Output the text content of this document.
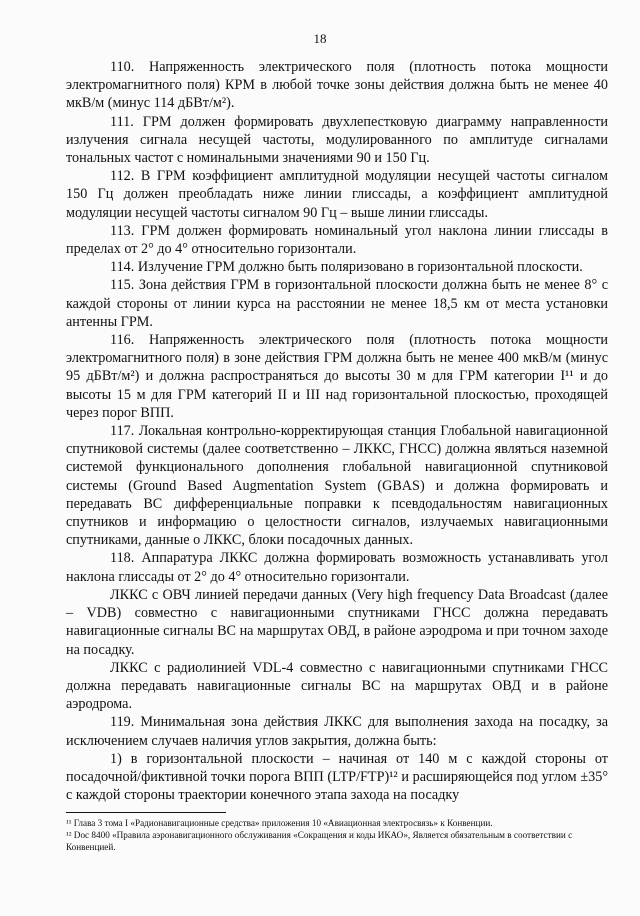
18

110. Напряженность электрического поля (плотность потока мощности электромагнитного поля) КРМ в любой точке зоны действия должна быть не менее 40 мкВ/м (минус 114 дБВт/м²).

111. ГРМ должен формировать двухлепестковую диаграмму направленности излучения сигнала несущей частоты, модулированного по амплитуде сигналами тональных частот с номинальными значениями 90 и 150 Гц.

112. В ГРМ коэффициент амплитудной модуляции несущей частоты сигналом 150 Гц должен преобладать ниже линии глиссады, а коэффициент амплитудной модуляции несущей частоты сигналом 90 Гц – выше линии глиссады.

113. ГРМ должен формировать номинальный угол наклона линии глиссады в пределах от 2° до 4° относительно горизонтали.

114. Излучение ГРМ должно быть поляризовано в горизонтальной плоскости.

115. Зона действия ГРМ в горизонтальной плоскости должна быть не менее 8° с каждой стороны от линии курса на расстоянии не менее 18,5 км от места установки антенны ГРМ.

116. Напряженность электрического поля (плотность потока мощности электромагнитного поля) в зоне действия ГРМ должна быть не менее 400 мкВ/м (минус 95 дБВт/м²) и должна распространяться до высоты 30 м для ГРМ категории I¹¹ и до высоты 15 м для ГРМ категорий II и III над горизонтальной плоскостью, проходящей через порог ВПП.

117. Локальная контрольно-корректирующая станция Глобальной навигационной спутниковой системы (далее соответственно – ЛККС, ГНСС) должна являться наземной системой функционального дополнения глобальной навигационной спутниковой системы (Ground Based Augmentation System (GBAS) и должна формировать и передавать ВС дифференциальные поправки к псевдодальностям навигационных спутников и информацию о целостности сигналов, излучаемых навигационными спутниками, данные о ЛККС, блоки посадочных данных.

118. Аппаратура ЛККС должна формировать возможность устанавливать угол наклона глиссады от 2° до 4° относительно горизонтали.

ЛККС с ОВЧ линией передачи данных (Very high frequency Data Broadcast (далее – VDB) совместно с навигационными спутниками ГНСС должна передавать навигационные сигналы ВС на маршрутах ОВД, в районе аэродрома и при точном заходе на посадку.

ЛККС с радиолинией VDL-4 совместно с навигационными спутниками ГНСС должна передавать навигационные сигналы ВС на маршрутах ОВД и в районе аэродрома.

119. Минимальная зона действия ЛККС для выполнения захода на посадку, за исключением случаев наличия углов закрытия, должна быть:

1) в горизонтальной плоскости – начиная от 140 м с каждой стороны от посадочной/фиктивной точки порога ВПП (LTP/FTP)¹² и расширяющейся под углом ±35° с каждой стороны траектории конечного этапа захода на посадку

¹¹ Глава 3 тома I «Радионавигационные средства» приложения 10 «Авиационная электросвязь» к Конвенции.

¹² Doc 8400 «Правила аэронавигационного обслуживания «Сокращения и коды ИКАО», Является обязательным в соответствии с Конвенцией.
